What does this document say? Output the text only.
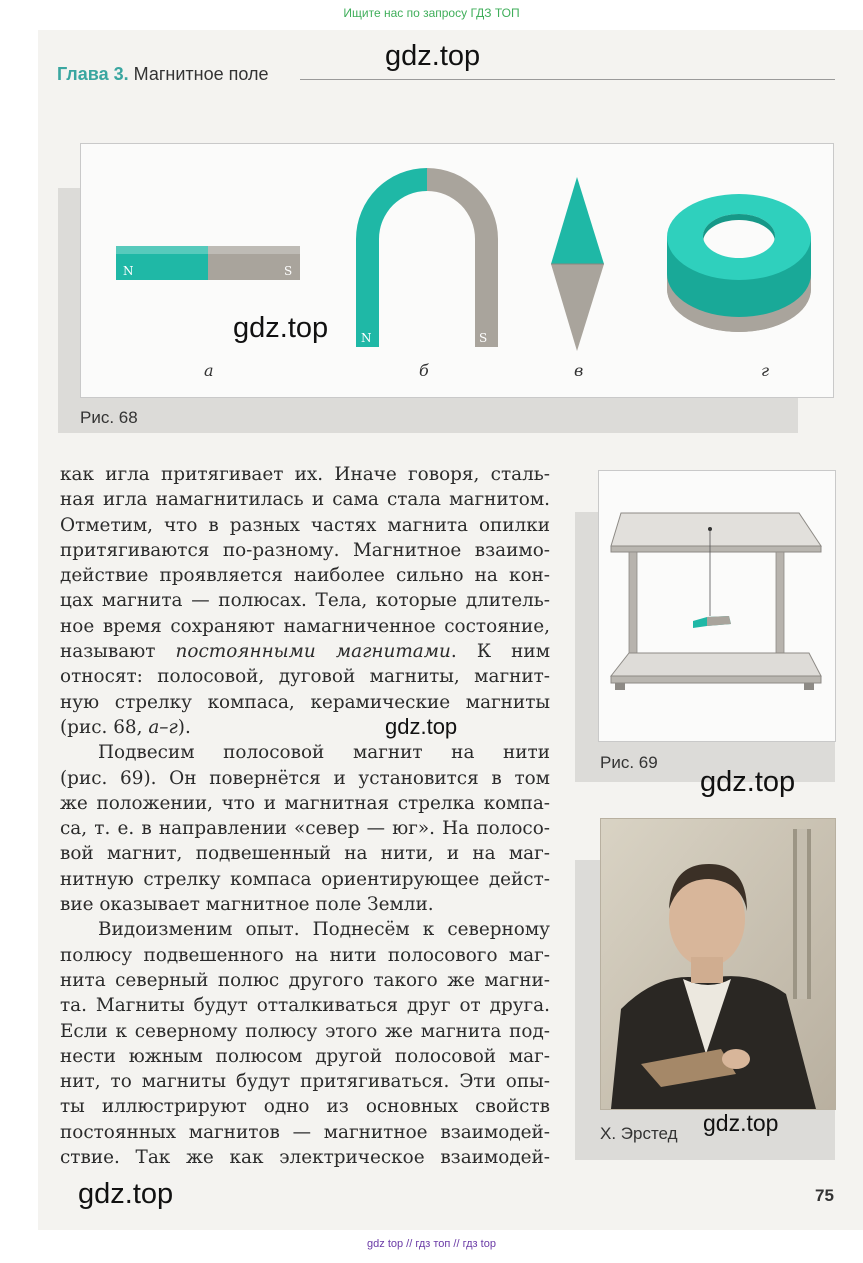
Ищите нас по запросу ГДЗ ТОП
Глава 3. Магнитное поле
gdz.top
N	S
N	S
а	б	в	г
gdz.top
Рис. 68
как игла притягивает их. Иначе говоря, сталь-
ная игла намагнитилась и сама стала магнитом.
Отметим, что в разных частях магнита опилки
притягиваются по-разному. Магнитное взаимо-
действие проявляется наиболее сильно на кон-
цах магнита — полюсах. Тела, которые длитель-
ное время сохраняют намагниченное состояние,
называют постоянными магнитами. К ним
относят: полосовой, дуговой магниты, магнит-
ную стрелку компаса, керамические магниты
(рис. 68, а–г).
Подвесим полосовой магнит на нити
(рис. 69). Он повернётся и установится в том
же положении, что и магнитная стрелка компа-
са, т. е. в направлении «север — юг». На полосо-
вой магнит, подвешенный на нити, и на маг-
нитную стрелку компаса ориентирующее дейст-
вие оказывает магнитное поле Земли.
Видоизменим опыт. Поднесём к северному
полюсу подвешенного на нити полосового маг-
нита северный полюс другого такого же магни-
та. Магниты будут отталкиваться друг от друга.
Если к северному полюсу этого же магнита под-
нести южным полюсом другой полосовой маг-
нит, то магниты будут притягиваться. Эти опы-
ты иллюстрируют одно из основных свойств
постоянных магнитов — магнитное взаимодей-
ствие. Так же как электрическое взаимодей-
gdz.top
Рис. 69
gdz.top
Х. Эрстед gdz.top
gdz.top	75
gdz top // гдз топ // гдз top
